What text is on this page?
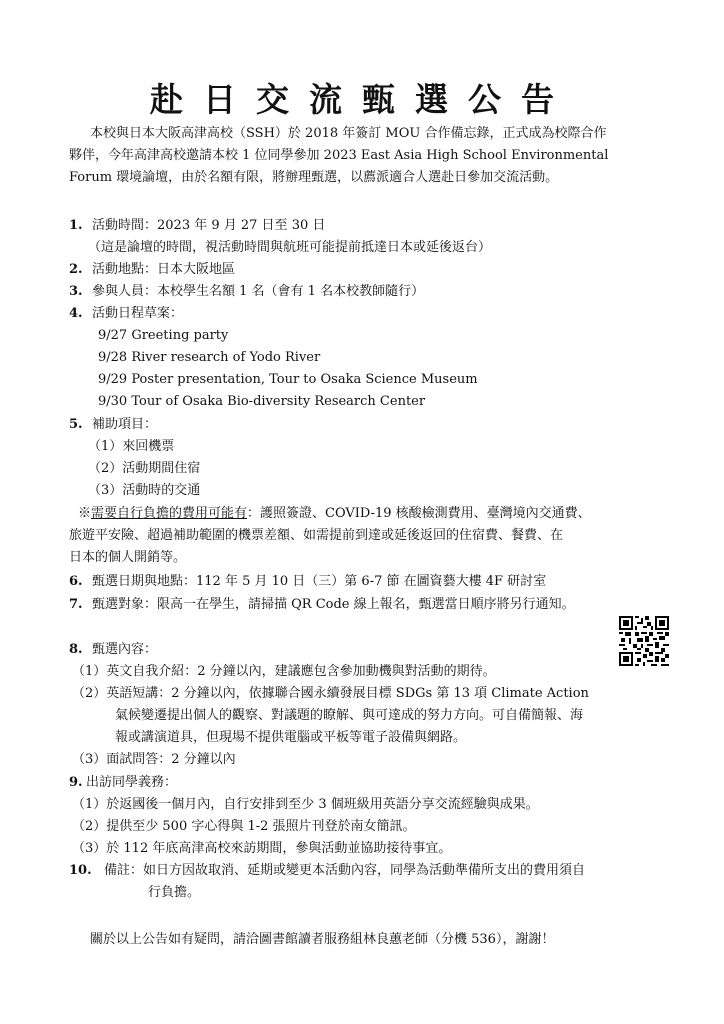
赴日交流甄選公告
本校與日本大阪高津高校（SSH）於 2018 年簽訂 MOU 合作備忘錄，正式成為校際合作
夥伴，今年高津高校邀請本校 1 位同學參加 2023 East Asia High School Environmental
Forum 環境論壇，由於名額有限，將辦理甄選，以薦派適合人選赴日參加交流活動。
1. 活動時間：2023 年 9 月 27 日至 30 日
（這是論壇的時間，視活動時間與航班可能提前抵達日本或延後返台）
2. 活動地點：日本大阪地區
3. 參與人員：本校學生名額 1 名（會有 1 名本校教師隨行）
4. 活動日程草案：
9/27 Greeting party
9/28 River research of Yodo River
9/29 Poster presentation, Tour to Osaka Science Museum
9/30 Tour of Osaka Bio-diversity Research Center
5. 補助項目：
（1）來回機票
（2）活動期間住宿
（3）活動時的交通
※需要自行負擔的費用可能有：護照簽證、COVID-19 核酸檢測費用、臺灣境內交通費、
旅遊平安險、超過補助範圍的機票差額、如需提前到達或延後返回的住宿費、餐費、在
日本的個人開銷等。
6. 甄選日期與地點：112 年 5 月 10 日（三）第 6-7 節 在圖資藝大樓 4F 研討室
7. 甄選對象：限高一在學生，請掃描 QR Code 線上報名，甄選當日順序將另行通知。
8. 甄選內容：
（1）英文自我介紹：2 分鐘以內，建議應包含參加動機與對活動的期待。
（2）英語短講：2 分鐘以內，依據聯合國永續發展目標 SDGs 第 13 項 Climate Action
氣候變遷提出個人的觀察、對議題的瞭解、與可達成的努力方向。可自備簡報、海
報或講演道具，但現場不提供電腦或平板等電子設備與網路。
（3）面試問答：2 分鐘以內
9. 出訪同學義務：
（1）於返國後一個月內，自行安排到至少 3 個班級用英語分享交流經驗與成果。
（2）提供至少 500 字心得與 1-2 張照片刊登於南女簡訊。
（3）於 112 年底高津高校來訪期間，參與活動並協助接待事宜。
10. 備註：如日方因故取消、延期或變更本活動內容，同學為活動準備所支出的費用須自
行負擔。
關於以上公告如有疑問，請洽圖書館讀者服務組林良蕙老師（分機 536），謝謝！
